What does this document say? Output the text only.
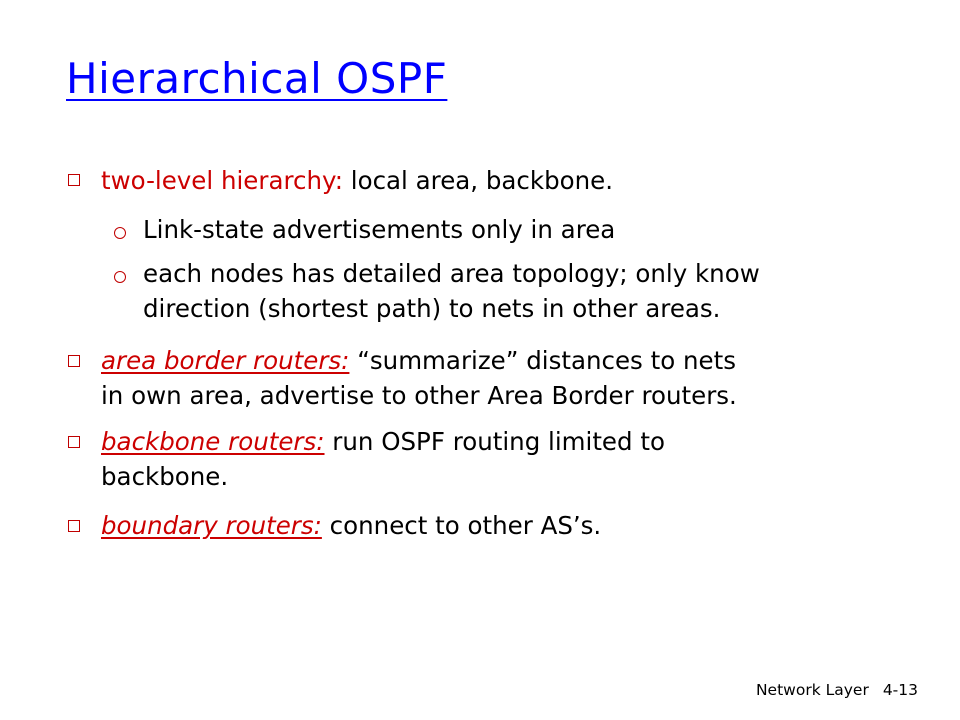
Hierarchical OSPF
two-level hierarchy: local area, backbone.
Link-state advertisements only in area
each nodes has detailed area topology; only know
direction (shortest path) to nets in other areas.
area border routers: “summarize” distances to nets
in own area, advertise to other Area Border routers.
backbone routers: run OSPF routing limited to
backbone.
boundary routers: connect to other AS’s.
Network Layer 4-13
